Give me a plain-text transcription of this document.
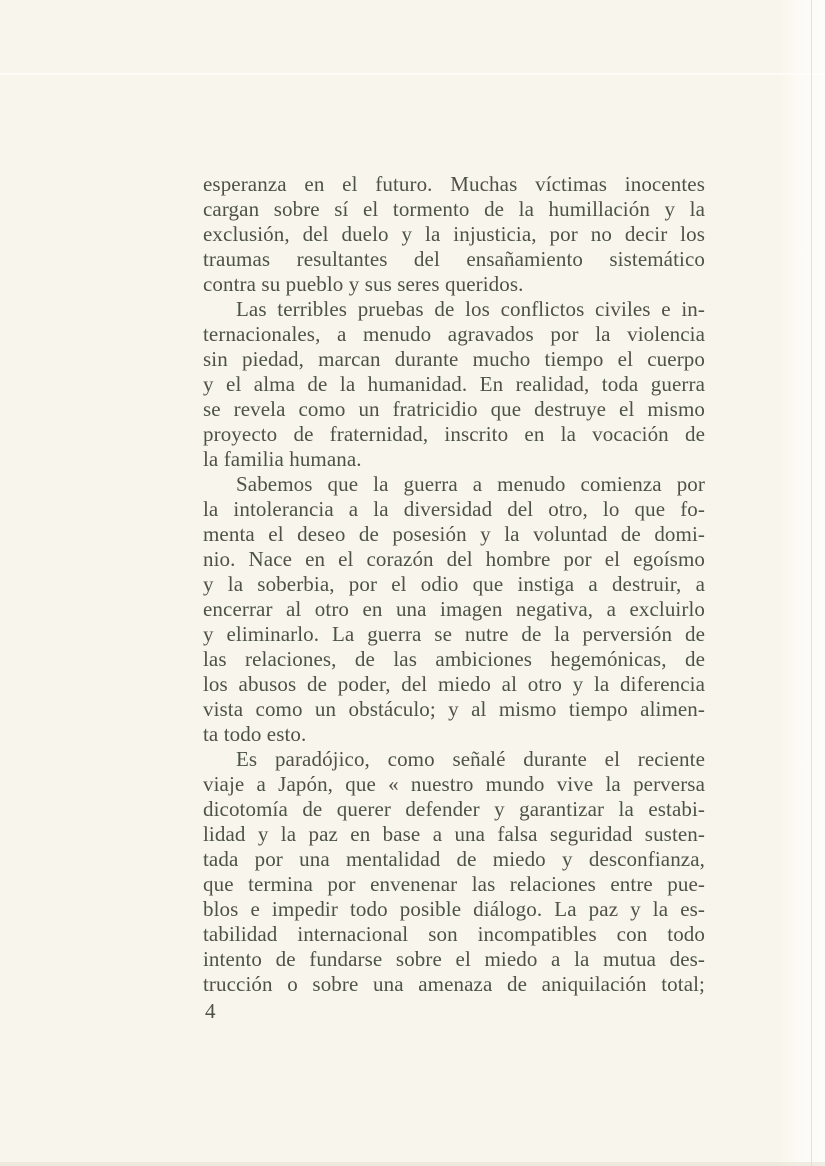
esperanza en el futuro. Muchas víctimas inocentes
cargan sobre sí el tormento de la humillación y la
exclusión, del duelo y la injusticia, por no decir los
traumas resultantes del ensañamiento sistemático
contra su pueblo y sus seres queridos.
Las terribles pruebas de los conflictos civiles e in-
ternacionales, a menudo agravados por la violencia
sin piedad, marcan durante mucho tiempo el cuerpo
y el alma de la humanidad. En realidad, toda guerra
se revela como un fratricidio que destruye el mismo
proyecto de fraternidad, inscrito en la vocación de
la familia humana.
Sabemos que la guerra a menudo comienza por
la intolerancia a la diversidad del otro, lo que fo-
menta el deseo de posesión y la voluntad de domi-
nio. Nace en el corazón del hombre por el egoísmo
y la soberbia, por el odio que instiga a destruir, a
encerrar al otro en una imagen negativa, a excluirlo
y eliminarlo. La guerra se nutre de la perversión de
las relaciones, de las ambiciones hegemónicas, de
los abusos de poder, del miedo al otro y la diferencia
vista como un obstáculo; y al mismo tiempo alimen-
ta todo esto.
Es paradójico, como señalé durante el reciente
viaje a Japón, que « nuestro mundo vive la perversa
dicotomía de querer defender y garantizar la estabi-
lidad y la paz en base a una falsa seguridad susten-
tada por una mentalidad de miedo y desconfianza,
que termina por envenenar las relaciones entre pue-
blos e impedir todo posible diálogo. La paz y la es-
tabilidad internacional son incompatibles con todo
intento de fundarse sobre el miedo a la mutua des-
trucción o sobre una amenaza de aniquilación total;
4
